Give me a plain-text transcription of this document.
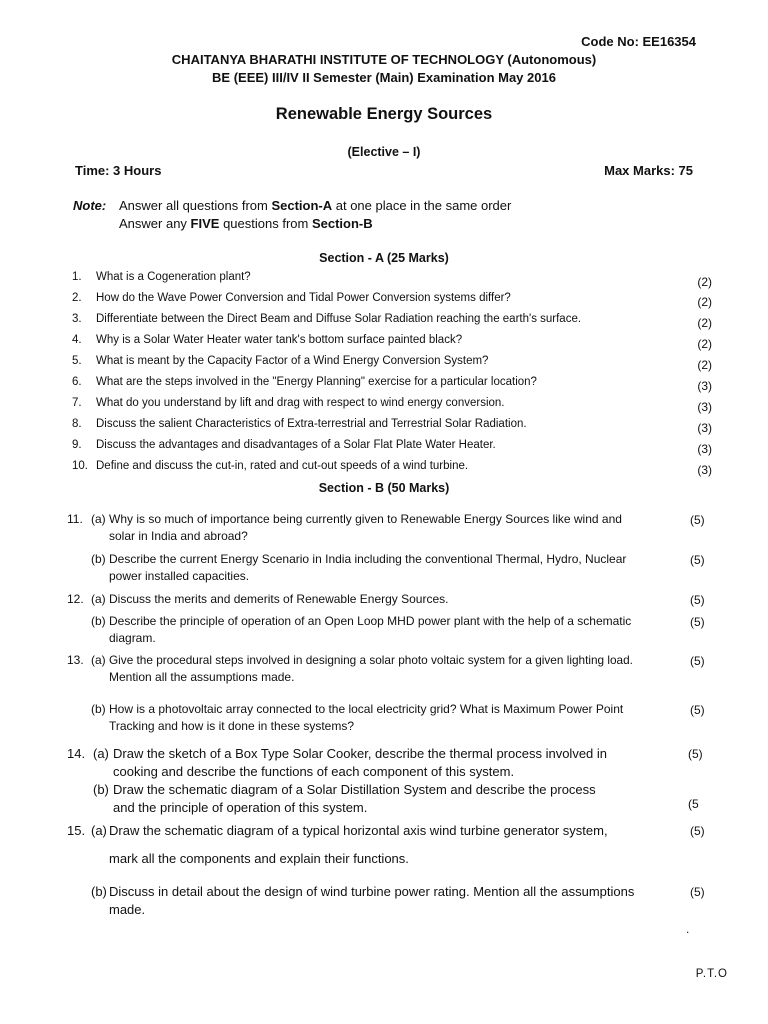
Code No: EE16354
CHAITANYA BHARATHI INSTITUTE OF TECHNOLOGY (Autonomous)
BE (EEE) III/IV II Semester (Main) Examination May 2016
Renewable Energy Sources
(Elective – I)
Time: 3 Hours	Max Marks: 75
Note: Answer all questions from Section-A at one place in the same order
Answer any FIVE questions from Section-B
Section - A (25 Marks)
1.	What is a Cogeneration plant?	(2)
2.	How do the Wave Power Conversion and Tidal Power Conversion systems differ?	(2)
3.	Differentiate between the Direct Beam and Diffuse Solar Radiation reaching the earth's surface.	(2)
4.	Why is a Solar Water Heater water tank's bottom surface painted black?	(2)
5.	What is meant by the Capacity Factor of a Wind Energy Conversion System?	(2)
6.	What are the steps involved in the "Energy Planning" exercise for a particular location?	(3)
7.	What do you understand by lift and drag with respect to wind energy conversion.	(3)
8.	Discuss the salient Characteristics of Extra-terrestrial and Terrestrial Solar Radiation.	(3)
9.	Discuss the advantages and disadvantages of a Solar Flat Plate Water Heater.	(3)
10. Define and discuss the cut-in, rated and cut-out speeds of a wind turbine.	(3)
Section - B (50 Marks)
11. (a) Why is so much of importance being currently given to Renewable Energy Sources like wind and
solar in India and abroad?
(5)
(b) Describe the current Energy Scenario in India including the conventional Thermal, Hydro, Nuclear
power installed capacities.
(5)
12. (a) Discuss the merits and demerits of Renewable Energy Sources.	(5)
(b) Describe the principle of operation of an Open Loop MHD power plant with the help of a schematic
diagram.
(5)
13. (a) Give the procedural steps involved in designing a solar photo voltaic system for a given lighting load.
Mention all the assumptions made.
(5)
(b) How is a photovoltaic array connected to the local electricity grid? What is Maximum Power Point
Tracking and how is it done in these systems?
(5)
14. (a) Draw the sketch of a Box Type Solar Cooker, describe the thermal process involved in
cooking and describe the functions of each component of this system.
(5)
(b) Draw the schematic diagram of a Solar Distillation System and describe the process
and the principle of operation of this system.	(5
15. (a) Draw the schematic diagram of a typical horizontal axis wind turbine generator system,
mark all the components and explain their functions.
(5)
(b) Discuss in detail about the design of wind turbine power rating. Mention all the assumptions	(5)
made.
.
P.T.O
